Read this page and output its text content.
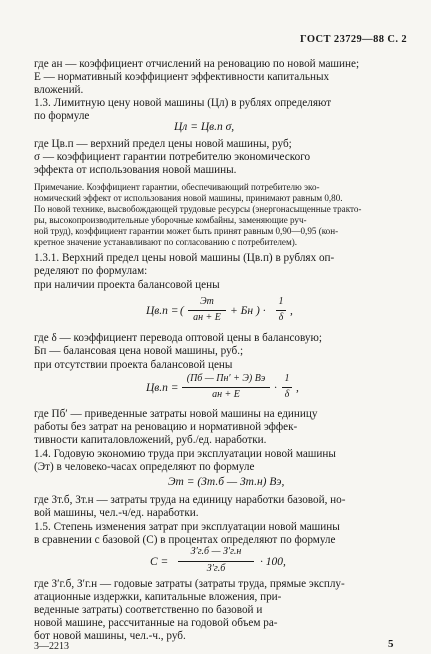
ГОСТ 23729—88 С. 2
где aн — коэффициент отчислений на реновацию по новой машине;
Е — нормативный коэффициент эффективности капитальных
вложений.
1.3. Лимитную цену новой машины (Цл) в рублях определяют
по формуле
Цл = Цв.п σ,
где Цв.п — верхний предел цены новой машины, руб;
σ — коэффициент гарантии потребителю экономического
эффекта от использования новой машины.
Примечание. Коэффициент гарантии, обеспечивающий потребителю эко-
номический эффект от использования новой машины, принимают равным 0,80.
По новой технике, высвобождающей трудовые ресурсы (энергонасыщенные тракто-
ры, высокопроизводительные уборочные комбайны, заменяющие руч-
ной труд), коэффициент гарантии может быть принят равным 0,90—0,95 (кон-
кретное значение устанавливают по согласованию с потребителем).
1.3.1. Верхний предел цены новой машины (Цв.п) в рублях оп-
ределяют по формулам:
при наличии проекта балансовой цены
Цв.п = (
Эт
aн + Е
+ Бн ) ·
1
δ
,
где δ — коэффициент перевода оптовой цены в балансовую;
Бп — балансовая цена новой машины, руб.;
при отсутствии проекта балансовой цены
Цв.п =
(Пб — Пн′ + Э) Вэ
aн + Е
·
1
δ
,
где Пб′ — приведенные затраты новой машины на единицу
работы без затрат на реновацию и нормативной эффек-
тивности капиталовложений, руб./ед. наработки.
1.4. Годовую экономию труда при эксплуатации новой машины
(Эт) в человеко-часах определяют по формуле
Эт = (Зт.б — Зт.н) Вэ,
где Зт.б, Зт.н — затраты труда на единицу наработки базовой, но-
вой машины, чел.-ч/ед. наработки.
1.5. Степень изменения затрат при эксплуатации новой машины
в сравнении с базовой (С) в процентах определяют по формуле
С =
З′г.б — З′г.н
З′г.б
· 100,
где З′г.б, З′г.н — годовые затраты (затраты труда, прямые эксплу-
атационные издержки, капитальные вложения, при-
веденные затраты) соответственно по базовой и
новой машине, рассчитанные на годовой объем ра-
бот новой машины, чел.-ч., руб.
3—2213	5
